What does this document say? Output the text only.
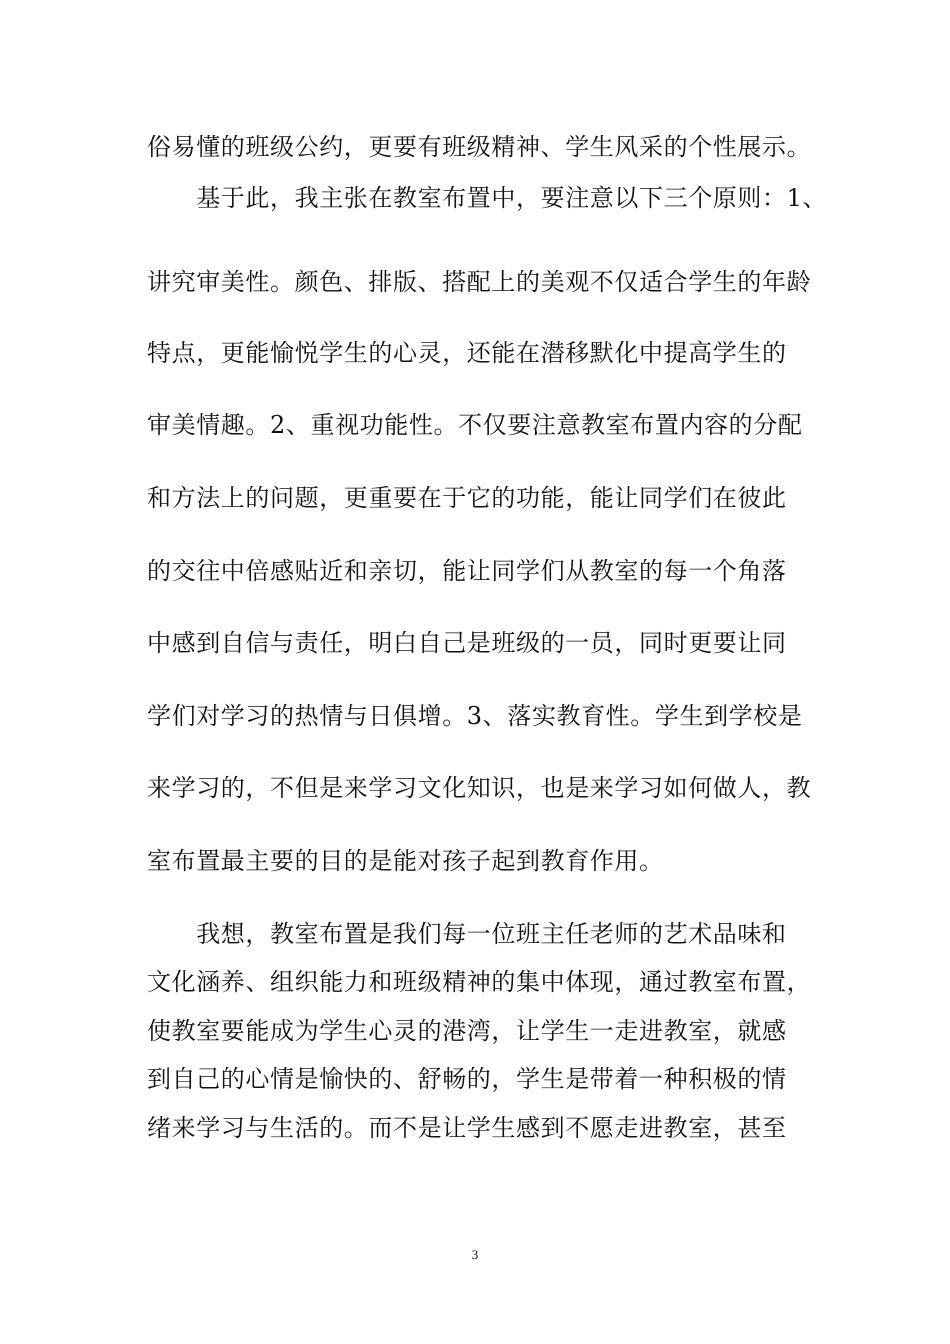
俗易懂的班级公约，更要有班级精神、学生风采的个性展示。
　　基于此，我主张在教室布置中，要注意以下三个原则：1、
讲究审美性。颜色、排版、搭配上的美观不仅适合学生的年龄
特点，更能愉悦学生的心灵，还能在潜移默化中提高学生的
审美情趣。2、重视功能性。不仅要注意教室布置内容的分配
和方法上的问题，更重要在于它的功能，能让同学们在彼此
的交往中倍感贴近和亲切，能让同学们从教室的每一个角落
中感到自信与责任，明白自己是班级的一员，同时更要让同
学们对学习的热情与日俱增。3、落实教育性。学生到学校是
来学习的，不但是来学习文化知识，也是来学习如何做人，教
室布置最主要的目的是能对孩子起到教育作用。
　　我想，教室布置是我们每一位班主任老师的艺术品味和
文化涵养、组织能力和班级精神的集中体现，通过教室布置，
使教室要能成为学生心灵的港湾，让学生一走进教室，就感
到自己的心情是愉快的、舒畅的，学生是带着一种积极的情
绪来学习与生活的。而不是让学生感到不愿走进教室，甚至
3
